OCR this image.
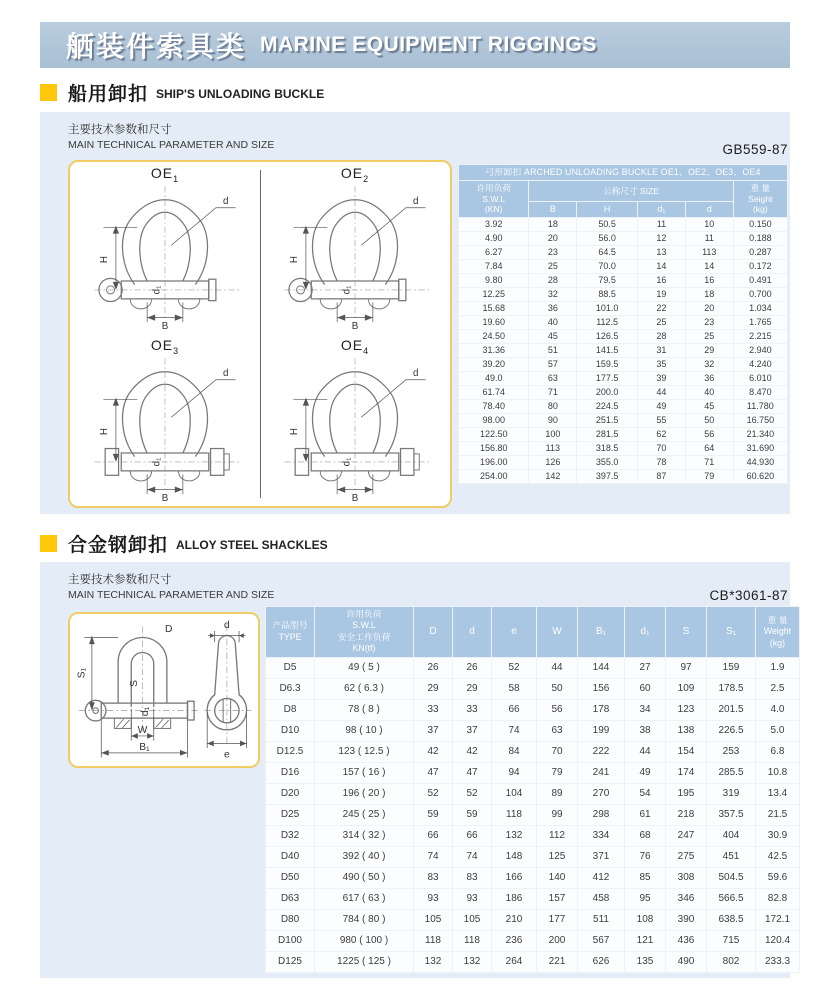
舾装件索具类 MARINE EQUIPMENT RIGGINGS
船用卸扣 SHIP'S UNLOADING BUCKLE
主要技术参数和尺寸
MAIN TECHNICAL PARAMETER AND SIZE	GB559-87
$OE_1$
H
B
d
d₁
$OE_2$
H
B
d
d₁
$OE_3$
H
B
d
d₁
$OE_4$
H
B
d
d₁
弓形卸扣 ARCHED UNLOADING BUCKLE OE1、OE2、OE3、OE4					

许用负荷
S.W.L
(KN)
	公称尺寸 SIZE	重 量
Seight
(kg)

	B	H	d₁	d	
3.92	18	50.5	11	10	0.150
4.90	20	56.0	12	11	0.188
6.27	23	64.5	13	113	0.287
7.84	25	70.0	14	14	0.172
9.80	28	79.5	16	16	0.491
12.25	32	88.5	19	18	0.700
15.68	36	101.0	22	20	1.034
19.60	40	112.5	25	23	1.765
24.50	45	126.5	28	25	2.215
31.36	51	141.5	31	29	2.940
39.20	57	159.5	35	32	4.240
49.0	63	177.5	39	36	6.010
61.74	71	200.0	44	40	8.470
78.40	80	224.5	49	45	11.780
98.00	90	251.5	55	50	16.750
122.50	100	281.5	62	56	21.340
156.80	113	318.5	70	64	31.690
196.00	126	355.0	78	71	44.930
254.00	142	397.5	87	79	60.620
合金钢卸扣 ALLOY STEEL SHACKLES
主要技术参数和尺寸
MAIN TECHNICAL PARAMETER AND SIZE	CB*3061-87
D
S₁
S
d₁
W
B₁
d
e
产品型号
TYPE

许用负荷
S.W.L
安全工作负荷
KN(tf)
	D	d	e	W	B₁	d₁	S	S₁	
重 量
Weight
(kg)

D5	49 ( 5 )	26	26	52	44	144	27	97	159	1.9
D6.3	62 ( 6.3 )	29	29	58	50	156	60	109	178.5	2.5
D8	78 ( 8 )	33	33	66	56	178	34	123	201.5	4.0
D10	98 ( 10 )	37	37	74	63	199	38	138	226.5	5.0
D12.5	123 ( 12.5 )	42	42	84	70	222	44	154	253	6.8
D16	157 ( 16 )	47	47	94	79	241	49	174	285.5	10.8
D20	196 ( 20 )	52	52	104	89	270	54	195	319	13.4
D25	245 ( 25 )	59	59	118	99	298	61	218	357.5	21.5
D32	314 ( 32 )	66	66	132	112	334	68	247	404	30.9
D40	392 ( 40 )	74	74	148	125	371	76	275	451	42.5
D50	490 ( 50 )	83	83	166	140	412	85	308	504.5	59.6
D63	617 ( 63 )	93	93	186	157	458	95	346	566.5	82.8
D80	784 ( 80 )	105	105	210	177	511	108	390	638.5	172.1
D100	980 ( 100 )	118	118	236	200	567	121	436	715	120.4
D125	1225 ( 125 )	132	132	264	221	626	135	490	802	233.3
